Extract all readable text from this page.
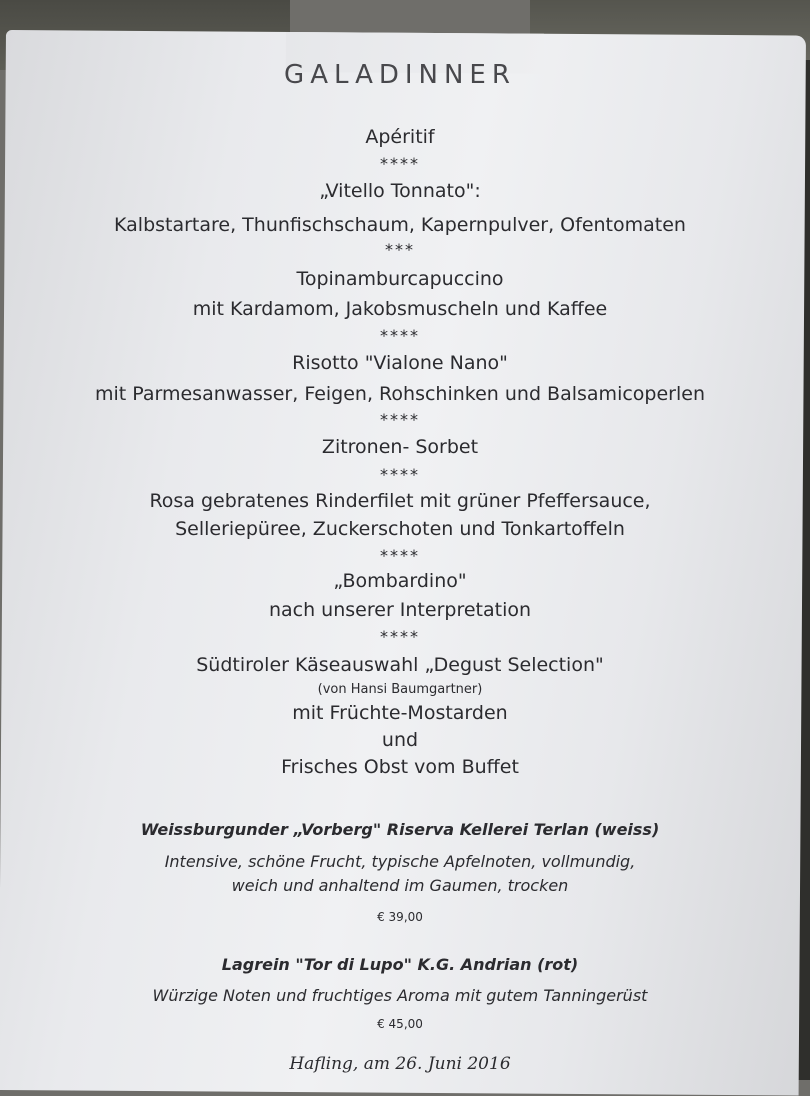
GALADINNER
Apéritif
****
„Vitello Tonnato":
Kalbstartare, Thunfischschaum, Kapernpulver, Ofentomaten
***
Topinamburcapuccino
mit Kardamom, Jakobsmuscheln und Kaffee
****
Risotto "Vialone Nano"
mit Parmesanwasser, Feigen, Rohschinken und Balsamicoperlen
****
Zitronen- Sorbet
****
Rosa gebratenes Rinderfilet mit grüner Pfeffersauce,
Selleriepüree, Zuckerschoten und Tonkartoffeln
****
„Bombardino"
nach unserer Interpretation
****
Südtiroler Käseauswahl „Degust Selection"
(von Hansi Baumgartner)
mit Früchte-Mostarden
und
Frisches Obst vom Buffet
Weissburgunder „Vorberg" Riserva Kellerei Terlan (weiss)
Intensive, schöne Frucht, typische Apfelnoten, vollmundig,
weich und anhaltend im Gaumen, trocken
€ 39,00
Lagrein "Tor di Lupo" K.G. Andrian (rot)
Würzige Noten und fruchtiges Aroma mit gutem Tanningerüst
€ 45,00
Hafling, am 26. Juni 2016
